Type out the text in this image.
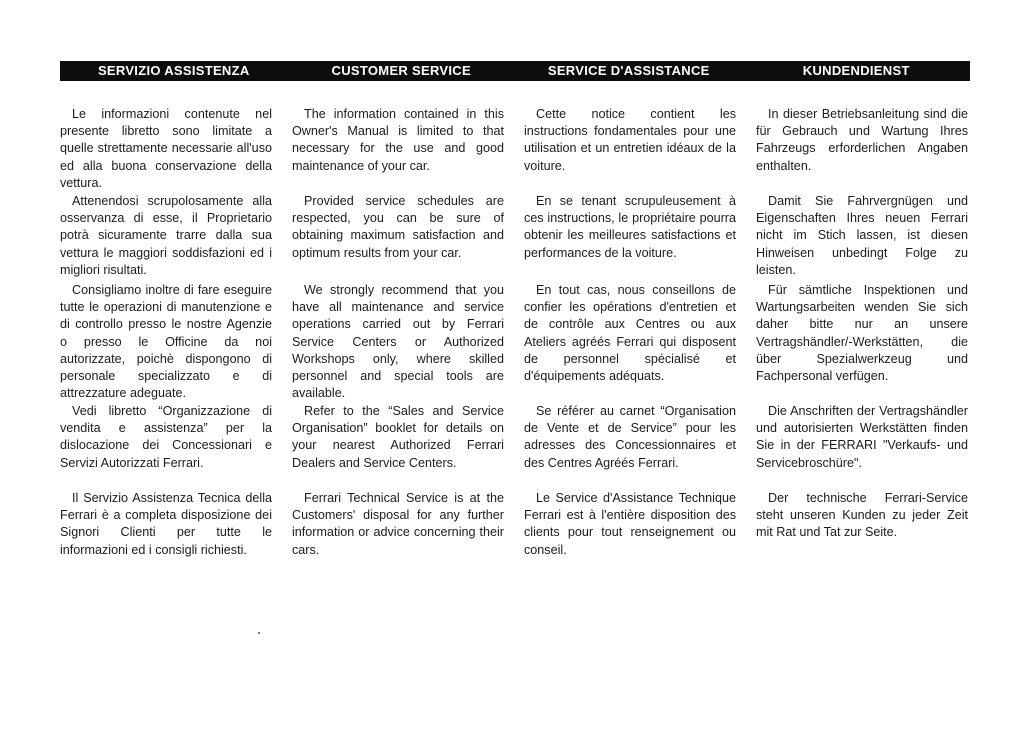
SERVIZIO ASSISTENZA	CUSTOMER SERVICE	SERVICE D'ASSISTANCE	KUNDENDIENST

Le informazioni contenute nel presente libretto sono limitate a quelle strettamente necessarie all'uso ed alla buona conservazione della vettura.

Attenendosi scrupolosamente alla osservanza di esse, il Proprietario potrà sicuramente trarre dalla sua vettura le maggiori soddisfazioni ed i migliori risultati.

Consigliamo inoltre di fare eseguire tutte le operazioni di manutenzione e di controllo presso le nostre Agenzie o presso le Officine da noi autorizzate, poichè dispongono di personale specializzato e di attrezzature adeguate.

Vedi libretto “Organizzazione di vendita e assistenza” per la dislocazione dei Concessionari e Servizi Autorizzati Ferrari.

Il Servizio Assistenza Tecnica della Ferrari è a completa disposizione dei Signori Clienti per tutte le informazioni ed i consigli richiesti.

The information contained in this Owner's Manual is limited to that necessary for the use and good maintenance of your car.

Provided service schedules are respected, you can be sure of obtaining maximum satisfaction and optimum results from your car.

We strongly recommend that you have all maintenance and service operations carried out by Ferrari Service Centers or Authorized Workshops only, where skilled personnel and special tools are available.

Refer to the “Sales and Service Organisation” booklet for details on your nearest Authorized Ferrari Dealers and Service Centers.

Ferrari Technical Service is at the Customers' disposal for any further information or advice concerning their cars.

Cette notice contient les instructions fondamentales pour une utilisation et un entretien idéaux de la voiture.

En se tenant scrupuleusement à ces instructions, le propriétaire pourra obtenir les meilleures satisfactions et performances de la voiture.

En tout cas, nous conseillons de confier les opérations d'entretien et de contrôle aux Centres ou aux Ateliers agréés Ferrari qui disposent de personnel spécialisé et d'équipements adéquats.

Se référer au carnet “Organisation de Vente et de Service” pour les adresses des Concessionnaires et des Centres Agréés Ferrari.

Le Service d'Assistance Technique Ferrari est à l'entière disposition des clients pour tout renseignement ou conseil.

In dieser Betriebsanleitung sind die für Gebrauch und Wartung Ihres Fahrzeugs erforderlichen Angaben enthalten.

Damit Sie Fahrvergnügen und Eigenschaften Ihres neuen Ferrari nicht im Stich lassen, ist diesen Hinweisen unbedingt Folge zu leisten.

Für sämtliche Inspektionen und Wartungsarbeiten wenden Sie sich daher bitte nur an unsere Vertragshändler/-Werkstätten, die über Spezialwerkzeug und Fachpersonal verfügen.

Die Anschriften der Vertragshändler und autorisierten Werkstätten finden Sie in der FERRARI "Verkaufs- und Servicebroschüre".

Der technische Ferrari-Service steht unseren Kunden zu jeder Zeit mit Rat und Tat zur Seite.
